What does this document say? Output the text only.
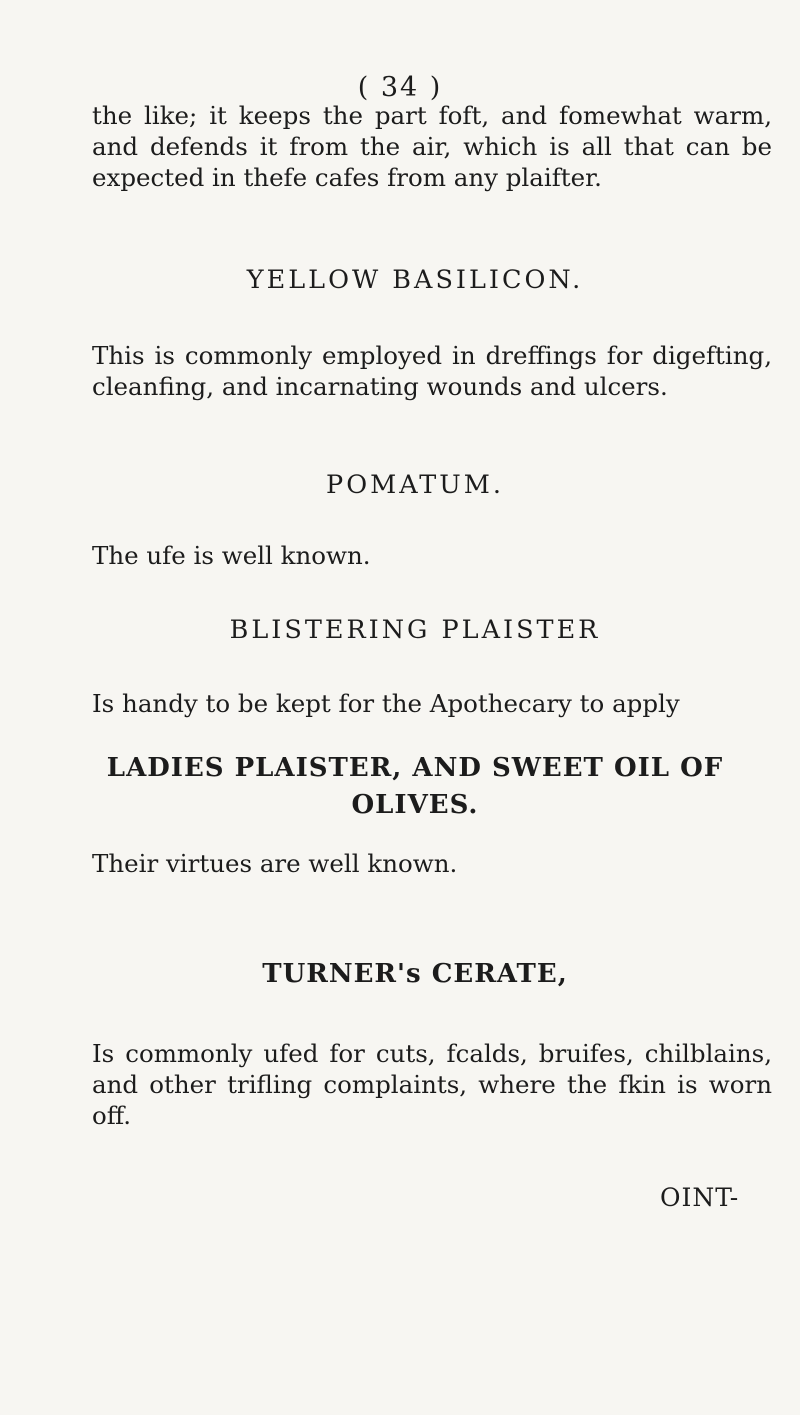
( 34 )

the like; it keeps the part foft, and fomewhat warm, and defends it from the air, which is all that can be expected in thefe cafes from any plaifter.

YELLOW BASILICON.

This is commonly employed in dreffings for digefting, cleanfing, and incarnating wounds and ulcers.

POMATUM.

The ufe is well known.

BLISTERING PLAISTER

Is handy to be kept for the Apothecary to apply

LADIES PLAISTER, AND SWEET OIL OF OLIVES.

Their virtues are well known.

TURNER's CERATE,

Is commonly ufed for cuts, fcalds, bruifes, chilblains, and other trifling complaints, where the fkin is worn off.

OINT-
